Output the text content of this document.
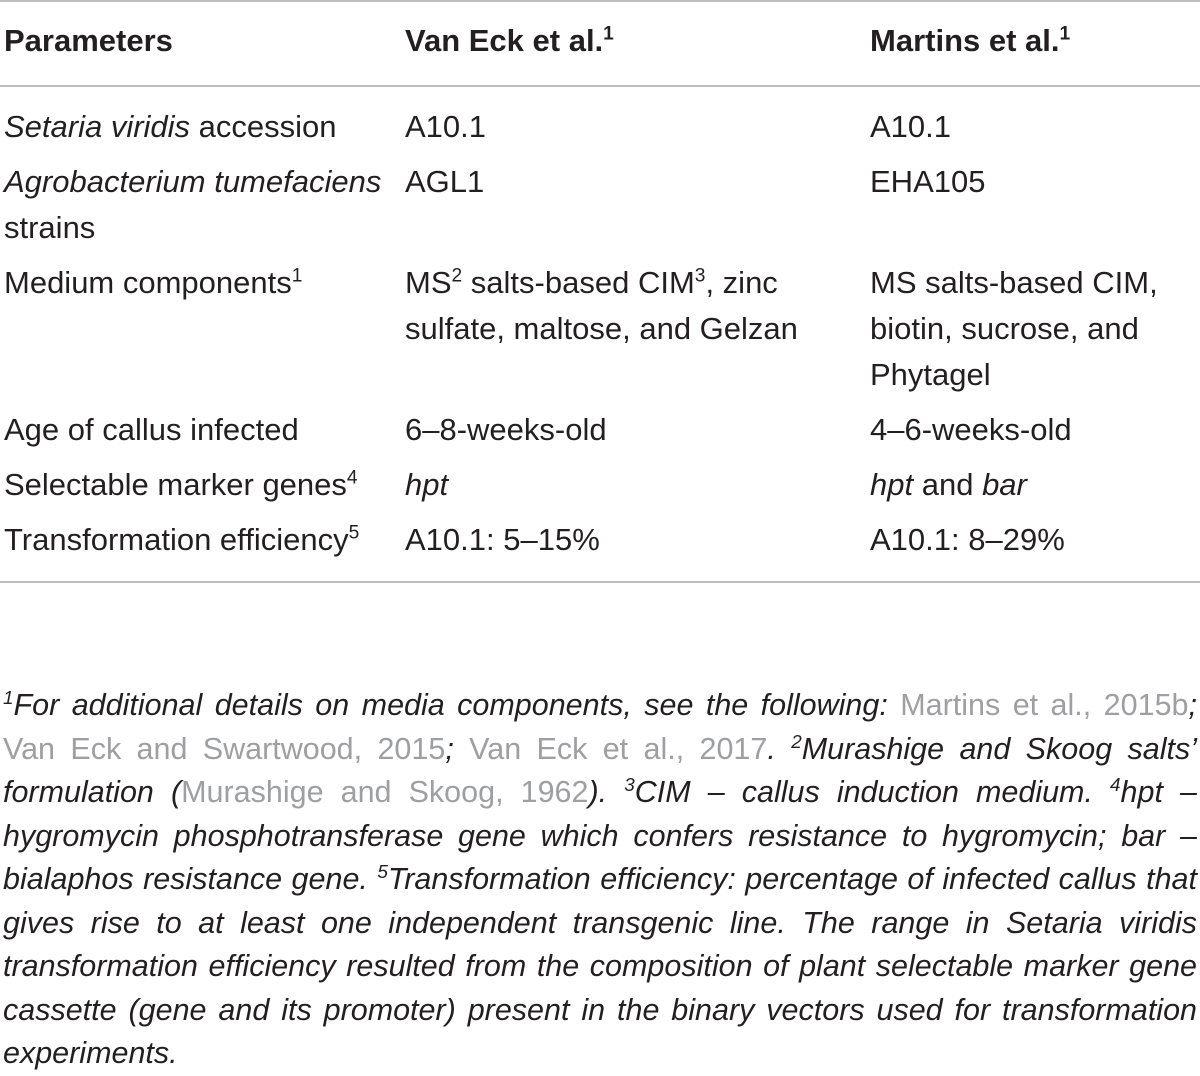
Parameters	Van Eck et al.$^1$	Martins et al.$^1$
Setaria viridis accession	A10.1	A10.1
Agrobacterium tumefaciens strains	AGL1	EHA105
Medium components$^1$	$MS^2$ salts-based CIM$^3$, zinc sulfate, maltose, and Gelzan	MS salts-based CIM, biotin, sucrose, and Phytagel
Age of callus infected	6–8-weeks-old	4–6-weeks-old
Selectable marker genes$^4$	hpt	hpt and bar
Transformation efficiency$^5$	A10.1: 5–15%	A10.1: 8–29%
$^1$For additional details on media components, see the following: Martins et al., 2015b; Van Eck and Swartwood, 2015; Van Eck et al., 2017. $^2$Murashige and Skoog salts’ formulation (Murashige and Skoog, 1962). $^3$CIM – callus induction medium. $^4$hpt – hygromycin phosphotransferase gene which confers resistance to hygromycin; bar – bialaphos resistance gene. $^5$Transformation efficiency: percentage of infected callus that gives rise to at least one independent transgenic line. The range in Setaria viridis transformation efficiency resulted from the composition of plant selectable marker gene cassette (gene and its promoter) present in the binary vectors used for transformation experiments.
